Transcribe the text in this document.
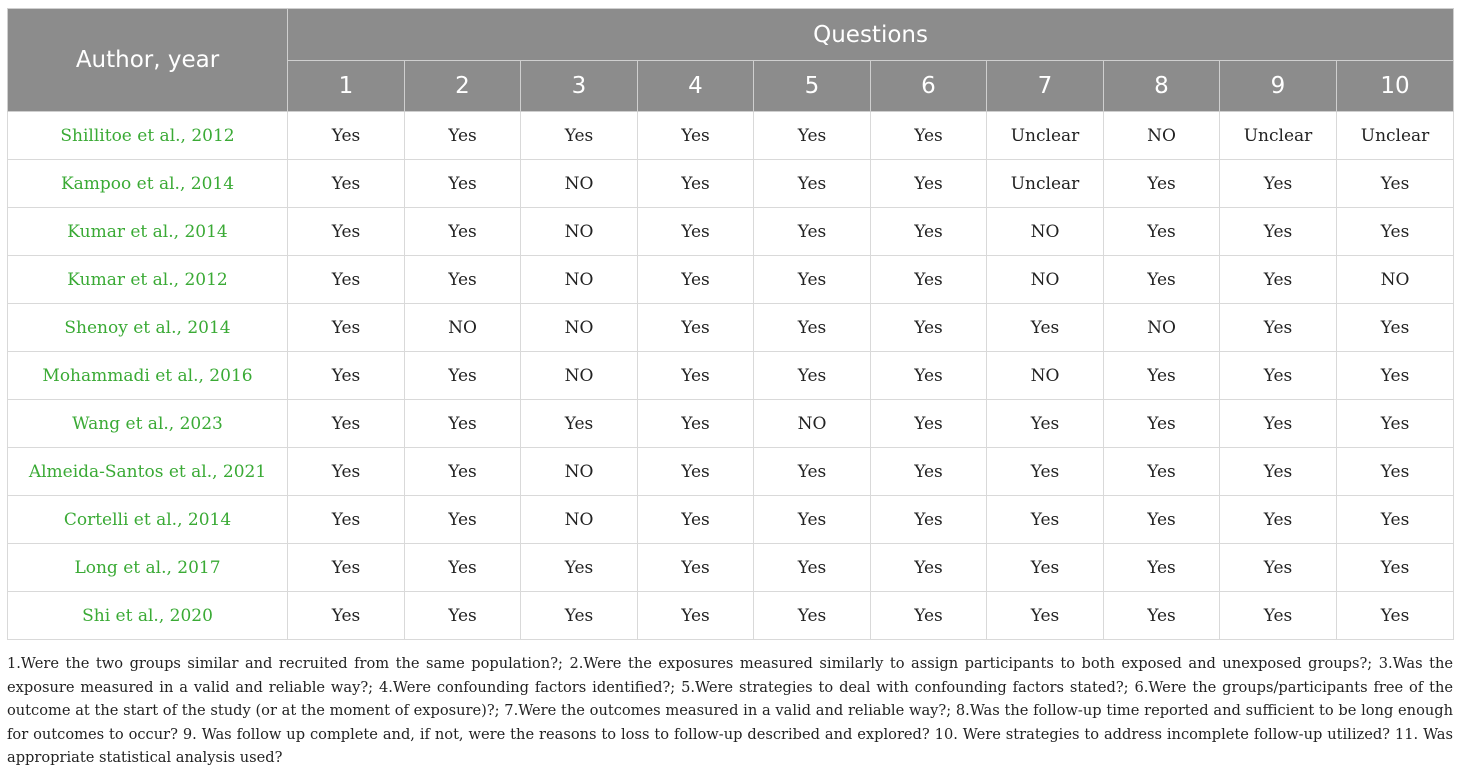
Author, year	Questions									
	1	2	3	4	5	6	7	8	9	10
Shillitoe et al., 2012	Yes	Yes	Yes	Yes	Yes	Yes	Unclear	NO	Unclear	Unclear
Kampoo et al., 2014	Yes	Yes	NO	Yes	Yes	Yes	Unclear	Yes	Yes	Yes
Kumar et al., 2014	Yes	Yes	NO	Yes	Yes	Yes	NO	Yes	Yes	Yes
Kumar et al., 2012	Yes	Yes	NO	Yes	Yes	Yes	NO	Yes	Yes	NO
Shenoy et al., 2014	Yes	NO	NO	Yes	Yes	Yes	Yes	NO	Yes	Yes
Mohammadi et al., 2016	Yes	Yes	NO	Yes	Yes	Yes	NO	Yes	Yes	Yes
Wang et al., 2023	Yes	Yes	Yes	Yes	NO	Yes	Yes	Yes	Yes	Yes
Almeida-Santos et al., 2021	Yes	Yes	NO	Yes	Yes	Yes	Yes	Yes	Yes	Yes
Cortelli et al., 2014	Yes	Yes	NO	Yes	Yes	Yes	Yes	Yes	Yes	Yes
Long et al., 2017	Yes	Yes	Yes	Yes	Yes	Yes	Yes	Yes	Yes	Yes
Shi et al., 2020	Yes	Yes	Yes	Yes	Yes	Yes	Yes	Yes	Yes	Yes

1.Were the two groups similar and recruited from the same population?; 2.Were the exposures measured similarly to assign participants to both exposed and unexposed groups?; 3.Was the exposure measured in a valid and reliable way?; 4.Were confounding factors identified?; 5.Were strategies to deal with confounding factors stated?; 6.Were the groups/participants free of the outcome at the start of the study (or at the moment of exposure)?; 7.Were the outcomes measured in a valid and reliable way?; 8.Was the follow-up time reported and sufficient to be long enough for outcomes to occur? 9. Was follow up complete and, if not, were the reasons to loss to follow-up described and explored? 10. Were strategies to address incomplete follow-up utilized? 11. Was appropriate statistical analysis used?
